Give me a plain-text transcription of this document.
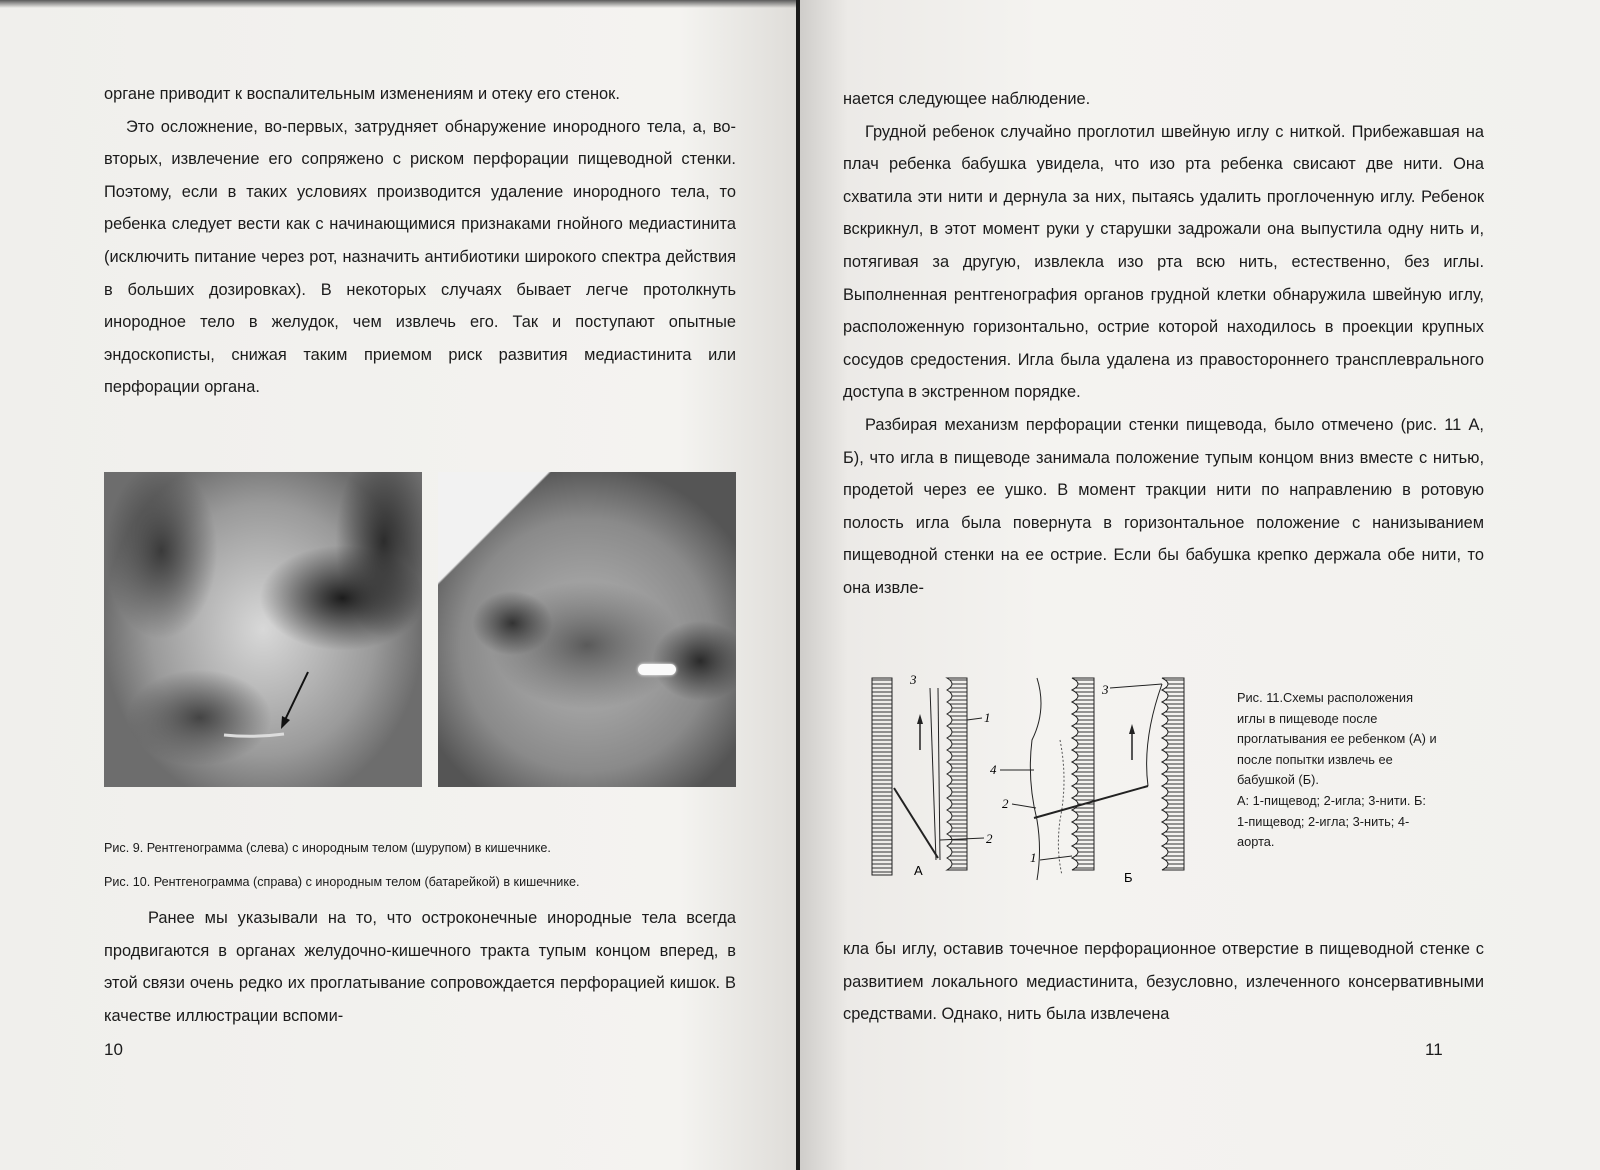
органе приводит к воспалительным изменениям и отеку его стенок.

Это осложнение, во-первых, затрудняет обнаружение инородного тела, а, во-вторых, извлечение его сопряжено с риском перфорации пищеводной стенки. Поэтому, если в таких условиях производится удаление инородного тела, то ребенка следует вести как с начинающимися признаками гнойного медиастинита (исключить питание через рот, назначить антибиотики широкого спектра действия в больших дозировках). В некоторых случаях бывает легче протолкнуть инородное тело в желудок, чем извлечь его. Так и поступают опытные эндоскописты, снижая таким приемом риск развития медиастинита или перфорации органа.

Рис. 9. Рентгенограмма (слева) с инородным телом (шурупом) в кишечнике.
Рис. 10. Рентгенограмма (справа) с инородным телом (батарейкой) в кишечнике.

Ранее мы указывали на то, что остроконечные инородные тела всегда продвигаются в органах желудочно-кишечного тракта тупым концом вперед, в этой связи очень редко их проглатывание сопровождается перфорацией кишок. В качестве иллюстрации вспоми-

10

нается следующее наблюдение.

Грудной ребенок случайно проглотил швейную иглу с ниткой. Прибежавшая на плач ребенка бабушка увидела, что изо рта ребенка свисают две нити. Она схватила эти нити и дернула за них, пытаясь удалить проглоченную иглу. Ребенок вскрикнул, в этот момент руки у старушки задрожали она выпустила одну нить и, потягивая за другую, извлекла изо рта всю нить, естественно, без иглы. Выполненная рентгенография органов грудной клетки обнаружила швейную иглу, расположенную горизонтально, острие которой находилось в проекции крупных сосудов средостения. Игла была удалена из правостороннего трансплеврального доступа в экстренном порядке.

Разбирая механизм перфорации стенки пищевода, было отмечено (рис. 11 А, Б), что игла в пищеводе занимала положение тупым концом вниз вместе с нитью, продетой через ее ушко. В момент тракции нити по направлению в ротовую полость игла была повернута в горизонтальное положение с нанизыванием пищеводной стенки на ее острие. Если бы бабушка крепко держала обе нити, то она извле-

3
1
2
А
3
4
2
1
Б

Рис. 11.Схемы расположения иглы в пищеводе после проглатывания ее ребенком (А) и после попытки извлечь ее бабушкой (Б).

А: 1-пищевод; 2-игла; 3-нити. Б: 1-пищевод; 2-игла; 3-нить; 4-аорта.

кла бы иглу, оставив точечное перфорационное отверстие в пищеводной стенке с развитием локального медиастинита, безусловно, излеченного консервативными средствами. Однако, нить была извлечена

11
